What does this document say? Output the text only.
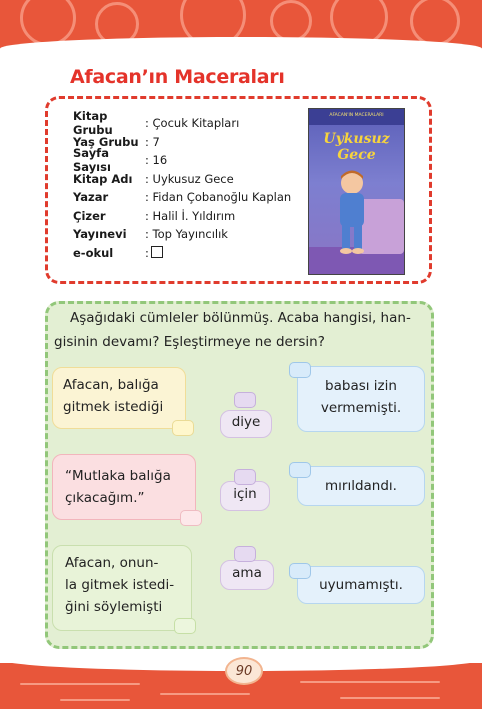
Afacan’ın Maceraları
Kitap Grubu	: Çocuk Kitapları
Yaş Grubu : 7
Sayfa Sayısı	: 16
Kitap Adı	: Uykusuz Gece
Yazar	: Fidan Çobanoğlu Kaplan
Çizer	: Halil İ. Yıldırım
Yayınevi	: Top Yayıncılık
e-okul	:
AFACAN'IN MACERALARI
Uykusuz Gece
Aşağıdaki cümleler bölünmüş. Acaba hangisi, han-
gisinin devamı? Eşleştirmeye ne dersin?
Afacan, balığa
gitmek istediği
diye
babası izin
vermemişti.
“Mutlaka balığa
çıkacağım.”	için	mırıldandı.
Afacan, onun-
la gitmek istedi-
ğini söylemişti
ama
uyumamıştı.
90
